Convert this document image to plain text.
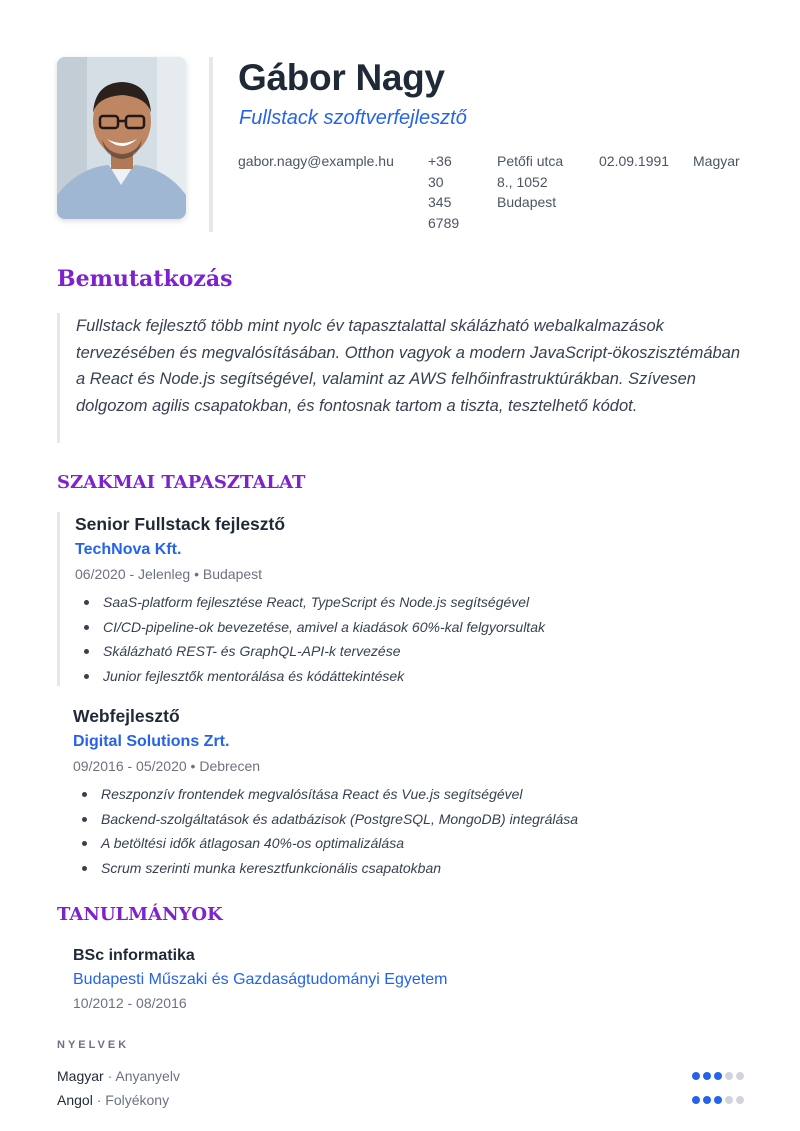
Gábor Nagy
Fullstack szoftverfejlesztő
gabor.nagy@example.hu +36
30
345
6789
Petőfi utca
8., 1052
Budapest
02.09.1991 Magyar
Bemutatkozás

Fullstack fejlesztő több mint nyolc év tapasztalattal skálázható webalkalmazások tervezésében és megvalósításában. Otthon vagyok a modern JavaScript-ökoszisztémában a React és Node.js segítségével, valamint az AWS felhőinfrastruktúrákban. Szívesen dolgozom agilis csapatokban, és fontosnak tartom a tiszta, tesztelhető kódot.

SZAKMAI TAPASZTALAT
Senior Fullstack fejlesztő
TechNova Kft.
06/2020 - Jelenleg • Budapest
SaaS-platform fejlesztése React, TypeScript és Node.js segítségével
CI/CD-pipeline-ok bevezetése, amivel a kiadások 60%-kal felgyorsultak
Skálázható REST- és GraphQL-API-k tervezése
Junior fejlesztők mentorálása és kódáttekintések
Webfejlesztő
Digital Solutions Zrt.
09/2016 - 05/2020 • Debrecen
Reszponzív frontendek megvalósítása React és Vue.js segítségével
Backend-szolgáltatások és adatbázisok (PostgreSQL, MongoDB) integrálása
A betöltési idők átlagosan 40%-os optimalizálása
Scrum szerinti munka keresztfunkcionális csapatokban
TANULMÁNYOK
BSc informatika
Budapesti Műszaki és Gazdaságtudományi Egyetem
10/2012 - 08/2016
NYELVEK
Magyar · Anyanyelv
Angol · Folyékony
